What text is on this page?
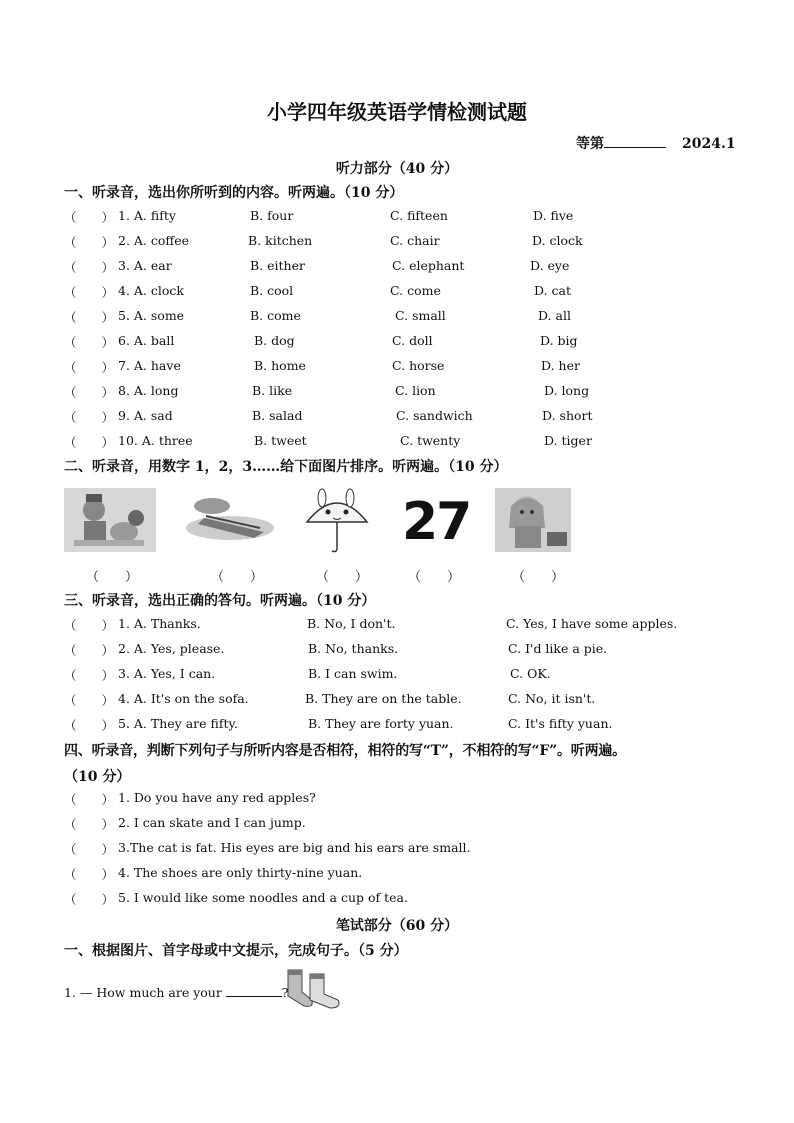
小学四年级英语学情检测试题
等第	2024.1
听力部分（40 分）
一、听录音，选出你所听到的内容。听两遍。（10 分）
（　　） 1. A. fifty	B. four	C. fifteen	D. five
（　　） 2. A. coffee	B. kitchen	C. chair	D. clock
（　　） 3. A. ear	B. either	C. elephant	D. eye
（　　） 4. A. clock	B. cool	C. come	D. cat
（　　） 5. A. some	B. come	C. small	D. all
（　　） 6. A. ball	B. dog	C. doll	D. big
（　　） 7. A. have	B. home	C. horse	D. her
（　　） 8. A. long	B. like	C. lion	D. long
（　　） 9. A. sad	B. salad	C. sandwich	D. short
（　　） 10. A. three	B. tweet	C. twenty	D. tiger
二、听录音，用数字 1，2，3……给下面图片排序。听两遍。（10 分）
27
（　　）	（　　）	（　　）	（　　）	（　　）
三、听录音，选出正确的答句。听两遍。（10 分）
（　　） 1. A. Thanks.	B. No, I don't.	C. Yes, I have some apples.
（　　） 2. A. Yes, please.	B. No, thanks.	C. I'd like a pie.
（　　） 3. A. Yes, I can.	B. I can swim.	C. OK.
（　　） 4. A. It's on the sofa.	B. They are on the table.	C. No, it isn't.
（　　） 5. A. They are fifty.	B. They are forty yuan.	C. It's fifty yuan.
四、听录音，判断下列句子与所听内容是否相符，相符的写“T”，不相符的写“F”。听两遍。
（10 分）
（　　） 1. Do you have any red apples?
（　　） 2. I can skate and I can jump.
（　　） 3.The cat is fat. His eyes are big and his ears are small.
（　　） 4. The shoes are only thirty-nine yuan.
（　　） 5. I would like some noodles and a cup of tea.
笔试部分（60 分）
一、根据图片、首字母或中文提示，完成句子。（5 分）
1. — How much are your	?
